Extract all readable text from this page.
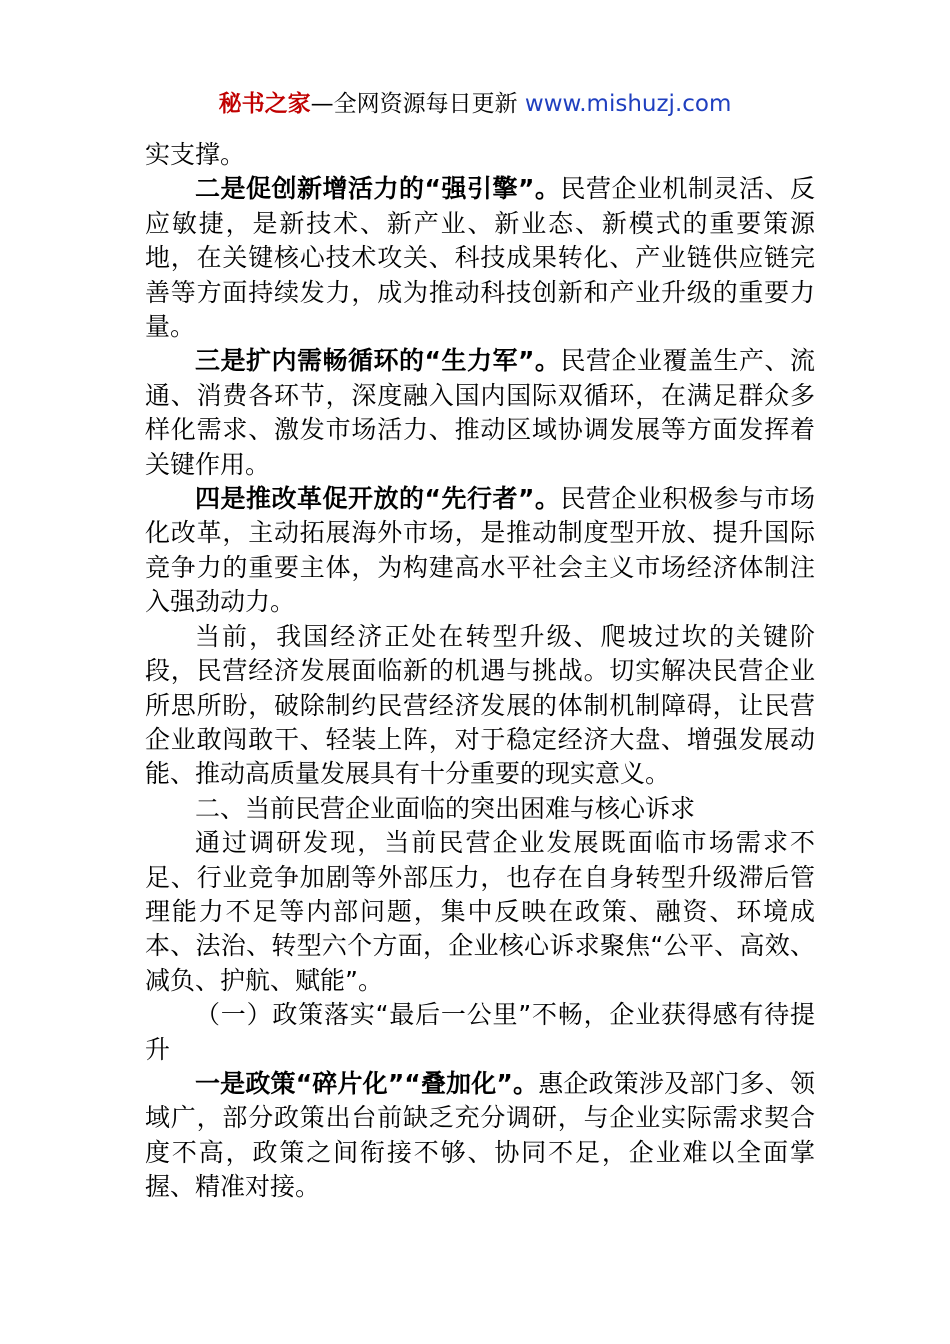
秘书之家—全网资源每日更新 www.mishuzj.com

实支撑。

二是促创新增活力的“强引擎”。民营企业机制灵活、反应敏捷，是新技术、新产业、新业态、新模式的重要策源地，在关键核心技术攻关、科技成果转化、产业链供应链完善等方面持续发力，成为推动科技创新和产业升级的重要力量。

三是扩内需畅循环的“生力军”。民营企业覆盖生产、流通、消费各环节，深度融入国内国际双循环，在满足群众多样化需求、激发市场活力、推动区域协调发展等方面发挥着关键作用。

四是推改革促开放的“先行者”。民营企业积极参与市场化改革，主动拓展海外市场，是推动制度型开放、提升国际竞争力的重要主体，为构建高水平社会主义市场经济体制注入强劲动力。

当前，我国经济正处在转型升级、爬坡过坎的关键阶段，民营经济发展面临新的机遇与挑战。切实解决民营企业所思所盼，破除制约民营经济发展的体制机制障碍，让民营企业敢闯敢干、轻装上阵，对于稳定经济大盘、增强发展动能、推动高质量发展具有十分重要的现实意义。

二、当前民营企业面临的突出困难与核心诉求

通过调研发现，当前民营企业发展既面临市场需求不足、行业竞争加剧等外部压力，也存在自身转型升级滞后管理能力不足等内部问题，集中反映在政策、融资、环境成本、法治、转型六个方面，企业核心诉求聚焦“公平、高效、减负、护航、赋能”。

（一）政策落实“最后一公里”不畅，企业获得感有待提升

一是政策“碎片化”“叠加化”。惠企政策涉及部门多、领域广，部分政策出台前缺乏充分调研，与企业实际需求契合度不高，政策之间衔接不够、协同不足，企业难以全面掌握、精准对接。
